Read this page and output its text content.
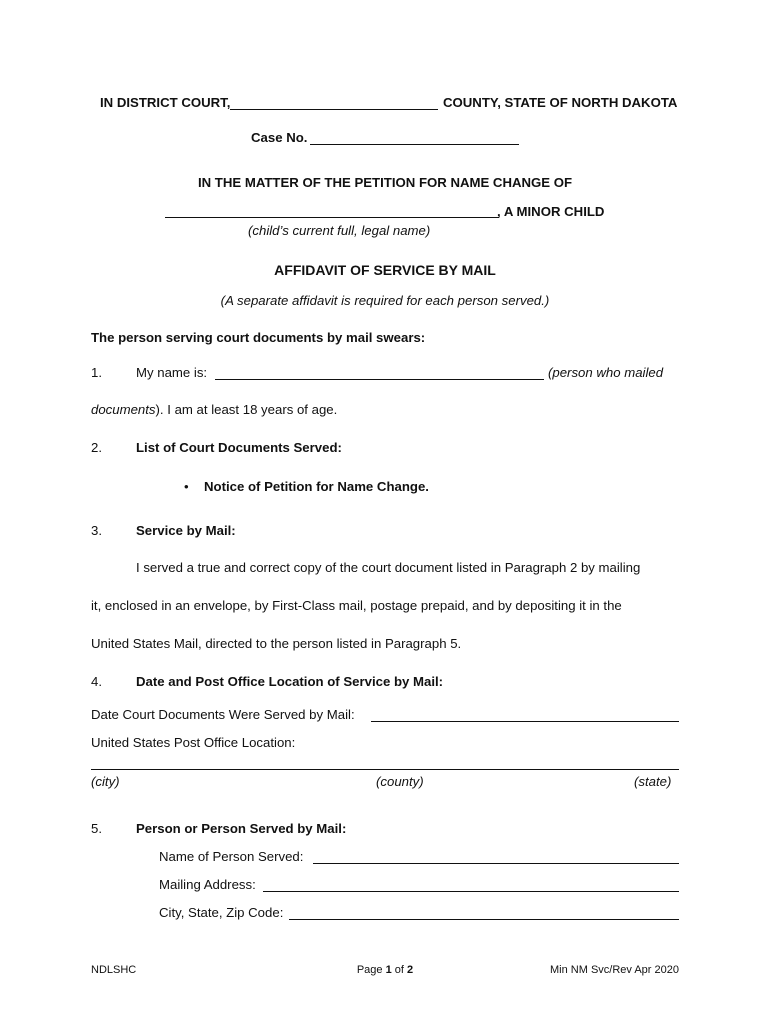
IN DISTRICT COURT,	COUNTY, STATE OF NORTH DAKOTA
Case No.
IN THE MATTER OF THE PETITION FOR NAME CHANGE OF
, A MINOR CHILD
(child’s current full, legal name)
AFFIDAVIT OF SERVICE BY MAIL
(A separate affidavit is required for each person served.)
The person serving court documents by mail swears:
1.	My name is:	(person who mailed
documents). I am at least 18 years of age.
2.	List of Court Documents Served:
• Notice of Petition for Name Change.
3.	Service by Mail:
I served a true and correct copy of the court document listed in Paragraph 2 by mailing
it, enclosed in an envelope, by First-Class mail, postage prepaid, and by depositing it in the
United States Mail, directed to the person listed in Paragraph 5.
4.	Date and Post Office Location of Service by Mail:
Date Court Documents Were Served by Mail:
United States Post Office Location:
(city)	(county)	(state)
5.	Person or Person Served by Mail:
Name of Person Served:
Mailing Address:
City, State, Zip Code:
NDLSHC	Page 1 of 2	Min NM Svc/Rev Apr 2020
